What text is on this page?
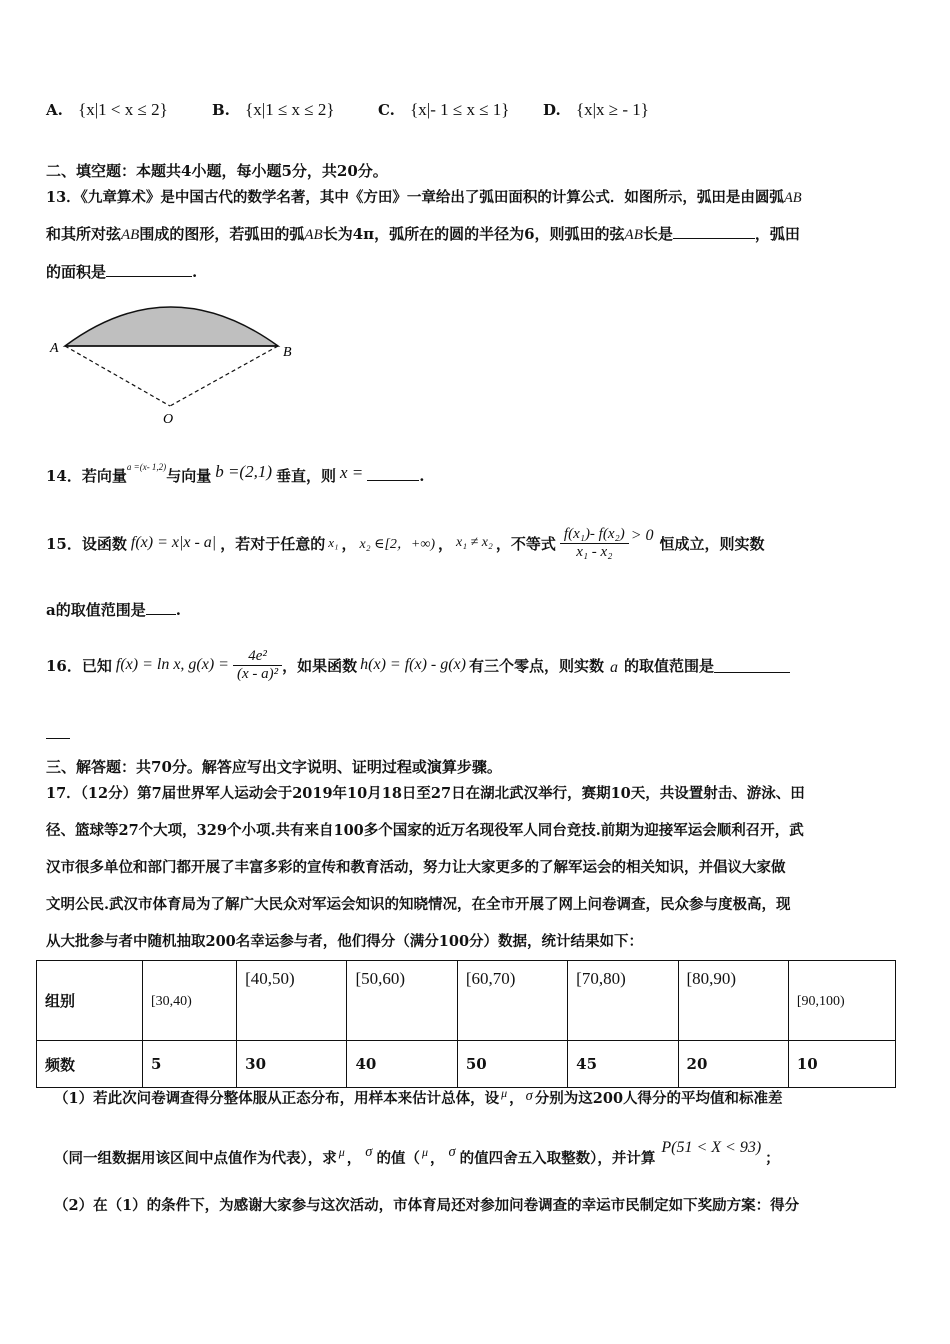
A. {x|1 < x ≤ 2}	B. {x|1 ≤ x ≤ 2}	C. {x|- 1 ≤ x ≤ 1} D. {x|x ≥ - 1}
二、填空题：本题共4小题，每小题5分，共20分。
13．《九章算术》是中国古代的数学名著，其中《方田》一章给出了弧田面积的计算公式．如图所示，弧田是由圆弧AB
和其所对弦AB围成的图形，若弧田的弧AB长为4π，弧所在的圆的半径为6，则弧田的弦AB长是	，弧田
的面积是	.
A	B
O
14．若向量$^{a =(x- 1,2)}$与向量 b =(2,1) 垂直，则 x =	.
15．设函数 f(x) = x|x - a| ，若对于任意的 x₁ ， x₂ ∈[2，+∞) ， x₁ ≠ x₂ ，不等式 $\frac{\text{f(x₁)- f(x₂)}}{\text{x₁ - x₂}} > 0$ 恒成立，则实数
a的取值范围是 .
16．已知 f(x) = ln x, $g(x) = \frac{\text{4e²}}{\text{(x - a)²}}$ ，如果函数 h(x) = f(x) - g(x) 有三个零点，则实数 a 的取值范围是
三、解答题：共70分。解答应写出文字说明、证明过程或演算步骤。
17．（12分）第7届世界军人运动会于2019年10月18日至27日在湖北武汉举行，赛期10天，共设置射击、游泳、田
径、篮球等27个大项，329个小项.共有来自100多个国家的近万名现役军人同台竞技.前期为迎接军运会顺利召开，武
汉市很多单位和部门都开展了丰富多彩的宣传和教育活动，努力让大家更多的了解军运会的相关知识，并倡议大家做
文明公民.武汉市体育局为了解广大民众对军运会知识的知晓情况，在全市开展了网上问卷调查，民众参与度极高，现
从大批参与者中随机抽取200名幸运参与者，他们得分（满分100分）数据，统计结果如下：
组别	[30,40)	[40,50)	[50,60)	[60,70)	[70,80)	[80,90)	[90,100)
频数	5	30	40	50	45	20	10
（1）若此次问卷调查得分整体服从正态分布，用样本来估计总体，设 $^\mu$ ， σ 分别为这200人得分的平均值和标准差
（同一组数据用该区间中点值作为代表），求 μ ， σ 的值（ μ ， σ 的值四舍五入取整数），并计算
P(51 < X < 93)
；
（2）在（1）的条件下，为感谢大家参与这次活动，市体育局还对参加问卷调查的幸运市民制定如下奖励方案：得分
